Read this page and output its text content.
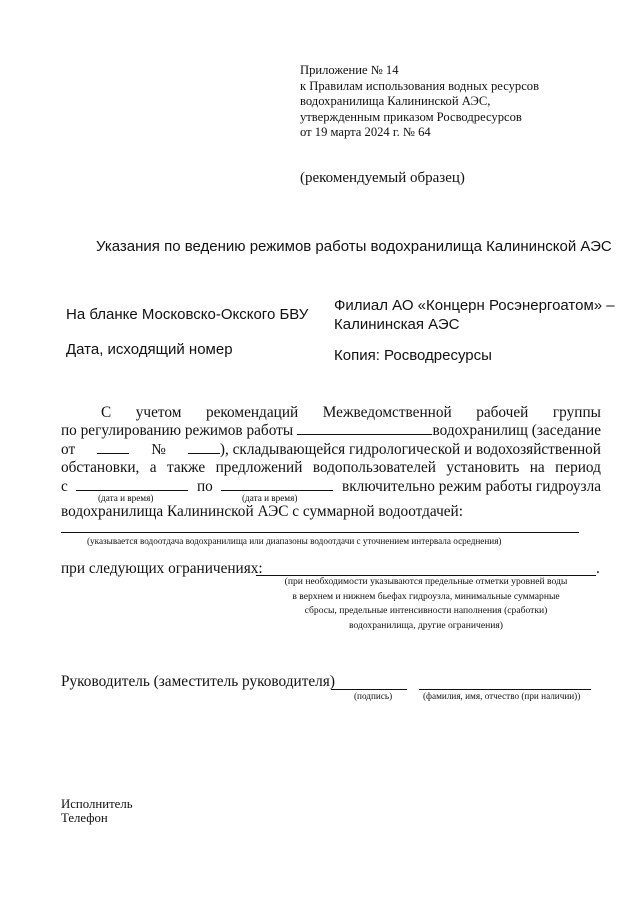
Приложение № 14
к Правилам использования водных ресурсов
водохранилища Калининской АЭС,
утвержденным приказом Росводресурсов
от 19 марта 2024 г. № 64
(рекомендуемый образец)
Указания по ведению режимов работы водохранилища Калининской АЭС
На бланке Московско-Окского БВУ
Дата, исходящий номер
Филиал АО «Концерн Росэнергоатом» –
Калининская АЭС
Копия: Росводресурсы
С учетом рекомендаций Межведомственной рабочей группы
по регулированию режимов работы	водохранилищ (заседание
от	№	), складывающейся гидрологической и водохозяйственной
обстановки, а также предложений водопользователей установить на период
с	по	включительно режим работы гидроузла
(дата и время)	(дата и время)
водохранилища Калининской АЭС с суммарной водоотдачей:
(указывается водоотдача водохранилища или диапазоны водоотдачи с уточнением интервала осреднения)
при следующих ограничениях:	.
(при необходимости указываются предельные отметки уровней воды
в верхнем и нижнем бьефах гидроузла, минимальные суммарные
сбросы, предельные интенсивности наполнения (сработки)
водохранилища, другие ограничения)
Руководитель (заместитель руководителя)
(подпись)	(фамилия, имя, отчество (при наличии))
Исполнитель
Телефон
